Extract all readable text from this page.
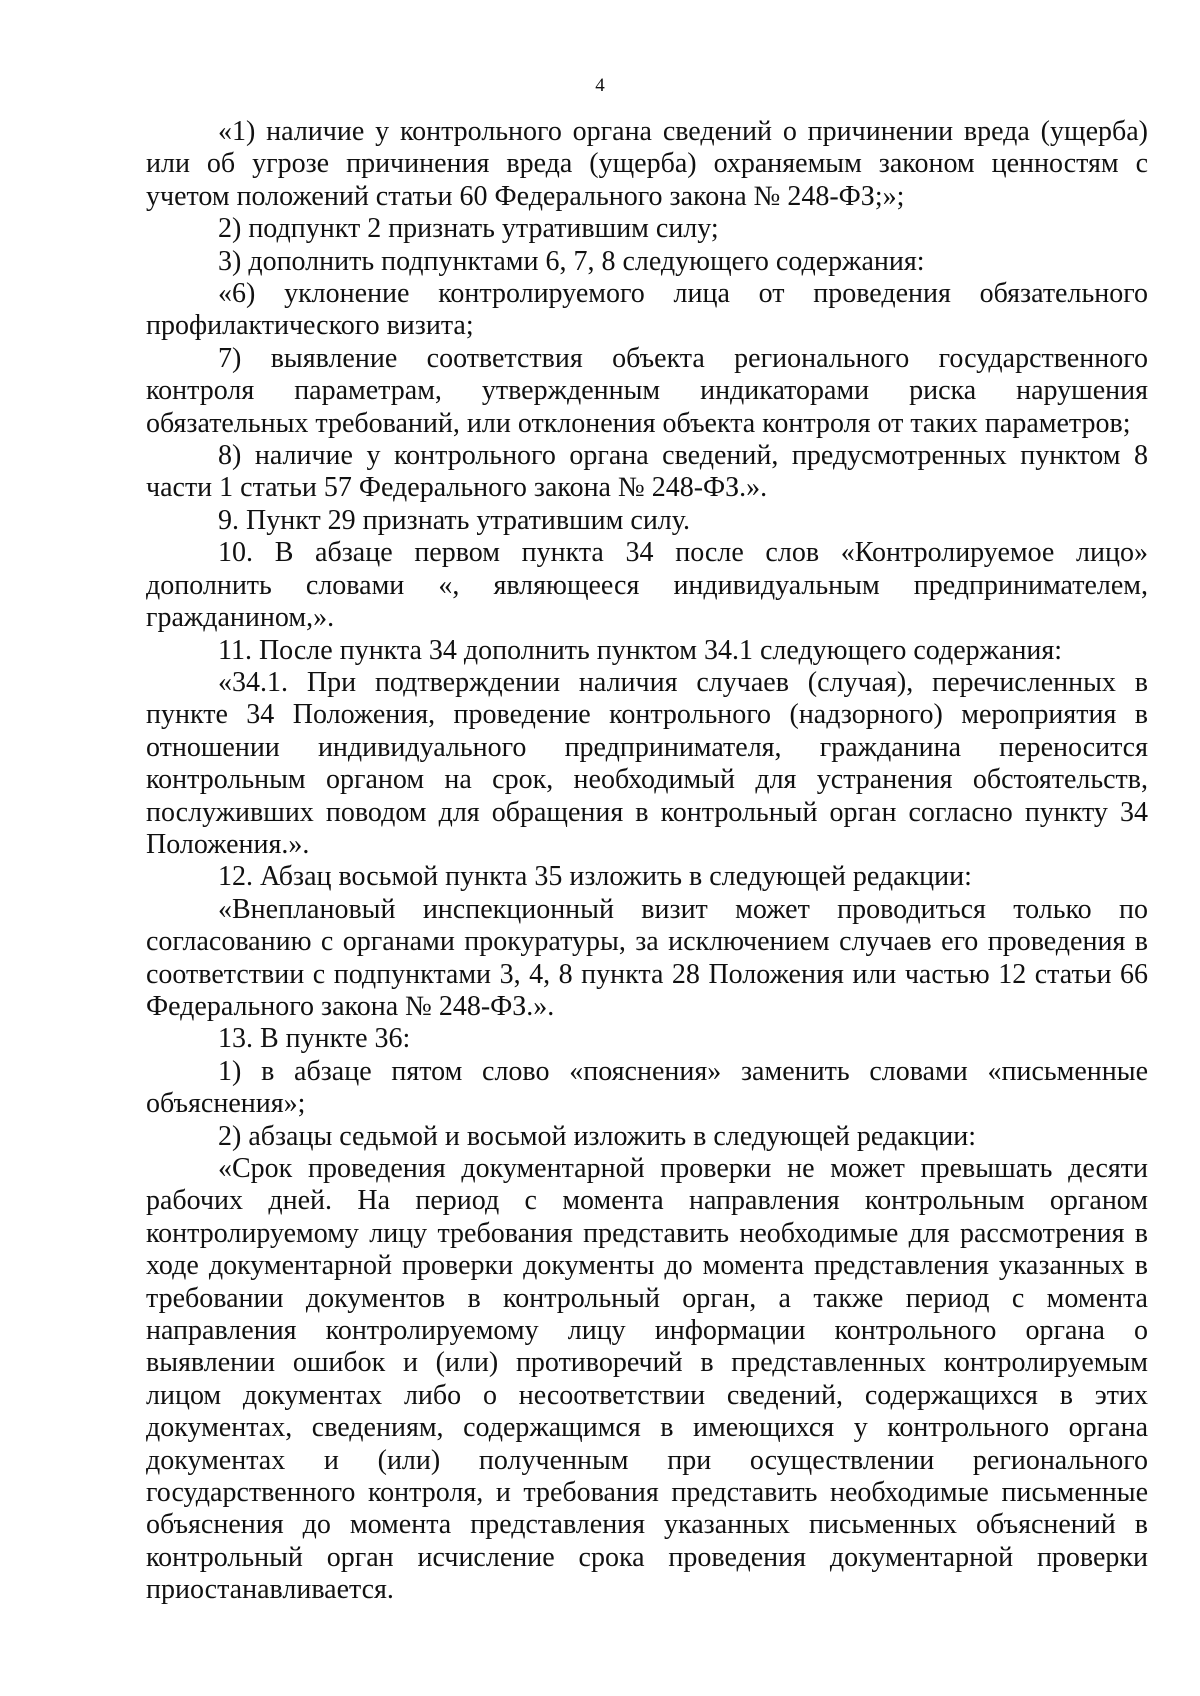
4

«1) наличие у контрольного органа сведений о причинении вреда (ущерба) или об угрозе причинения вреда (ущерба) охраняемым законом ценностям с учетом положений статьи 60 Федерального закона № 248-ФЗ;»;

2) подпункт 2 признать утратившим силу;

3) дополнить подпунктами 6, 7, 8 следующего содержания:

«6) уклонение контролируемого лица от проведения обязательного профилактического визита;

7) выявление соответствия объекта регионального государственного контроля параметрам, утвержденным индикаторами риска нарушения обязательных требований, или отклонения объекта контроля от таких параметров;

8) наличие у контрольного органа сведений, предусмотренных пунктом 8 части 1 статьи 57 Федерального закона № 248-ФЗ.».

9. Пункт 29 признать утратившим силу.

10. В абзаце первом пункта 34 после слов «Контролируемое лицо» дополнить словами «, являющееся индивидуальным предпринимателем, гражданином,».

11. После пункта 34 дополнить пунктом 34.1 следующего содержания:

«34.1. При подтверждении наличия случаев (случая), перечисленных в пункте 34 Положения, проведение контрольного (надзорного) мероприятия в отношении индивидуального предпринимателя, гражданина переносится контрольным органом на срок, необходимый для устранения обстоятельств, послуживших поводом для обращения в контрольный орган согласно пункту 34 Положения.».

12. Абзац восьмой пункта 35 изложить в следующей редакции:

«Внеплановый инспекционный визит может проводиться только по согласованию с органами прокуратуры, за исключением случаев его проведения в соответствии с подпунктами 3, 4, 8 пункта 28 Положения или частью 12 статьи 66 Федерального закона № 248-ФЗ.».

13. В пункте 36:

1) в абзаце пятом слово «пояснения» заменить словами «письменные объяснения»;

2) абзацы седьмой и восьмой изложить в следующей редакции:

«Срок проведения документарной проверки не может превышать десяти рабочих дней. На период с момента направления контрольным органом контролируемому лицу требования представить необходимые для рассмотрения в ходе документарной проверки документы до момента представления указанных в требовании документов в контрольный орган, а также период с момента направления контролируемому лицу информации контрольного органа о выявлении ошибок и (или) противоречий в представленных контролируемым лицом документах либо о несоответствии сведений, содержащихся в этих документах, сведениям, содержащимся в имеющихся у контрольного органа документах и (или) полученным при осуществлении регионального государственного контроля, и требования представить необходимые письменные объяснения до момента представления указанных письменных объяснений в контрольный орган исчисление срока проведения документарной проверки приостанавливается.
